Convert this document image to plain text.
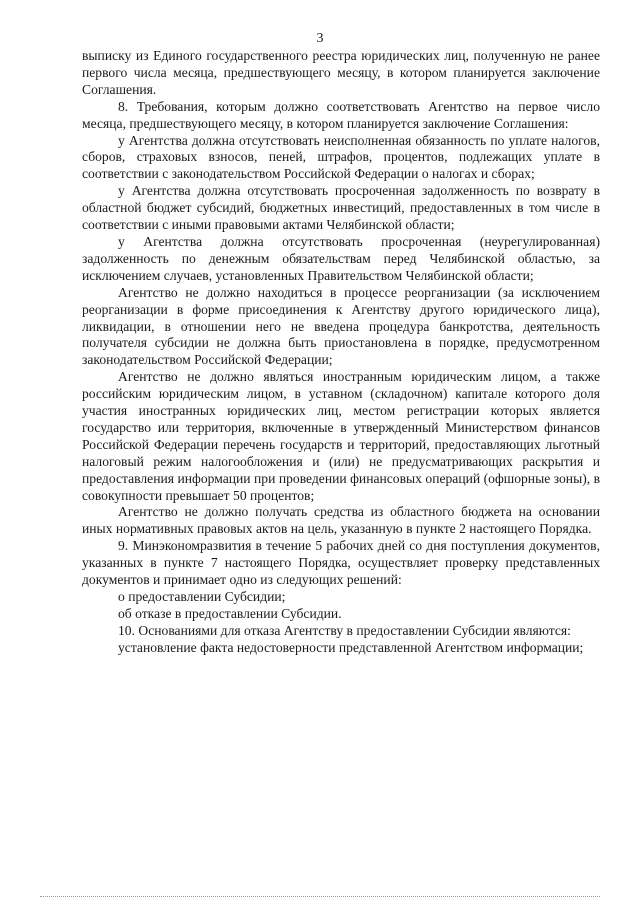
3

выписку из Единого государственного реестра юридических лиц, полученную не ранее первого числа месяца, предшествующего месяцу, в котором планируется заключение Соглашения.

8. Требования, которым должно соответствовать Агентство на первое число месяца, предшествующего месяцу, в котором планируется заключение Соглашения:

у Агентства должна отсутствовать неисполненная обязанность по уплате налогов, сборов, страховых взносов, пеней, штрафов, процентов, подлежащих уплате в соответствии с законодательством Российской Федерации о налогах и сборах;

у Агентства должна отсутствовать просроченная задолженность по возврату в областной бюджет субсидий, бюджетных инвестиций, предоставленных в том числе в соответствии с иными правовыми актами Челябинской области;

у Агентства должна отсутствовать просроченная (неурегулированная) задолженность по денежным обязательствам перед Челябинской областью, за исключением случаев, установленных Правительством Челябинской области;

Агентство не должно находиться в процессе реорганизации (за исключением реорганизации в форме присоединения к Агентству другого юридического лица), ликвидации, в отношении него не введена процедура банкротства, деятельность получателя субсидии не должна быть приостановлена в порядке, предусмотренном законодательством Российской Федерации;

Агентство не должно являться иностранным юридическим лицом, а также российским юридическим лицом, в уставном (складочном) капитале которого доля участия иностранных юридических лиц, местом регистрации которых является государство или территория, включенные в утвержденный Министерством финансов Российской Федерации перечень государств и территорий, предоставляющих льготный налоговый режим налогообложения и (или) не предусматривающих раскрытия и предоставления информации при проведении финансовых операций (офшорные зоны), в совокупности превышает 50 процентов;

Агентство не должно получать средства из областного бюджета на основании иных нормативных правовых актов на цель, указанную в пункте 2 настоящего Порядка.

9. Минэкономразвития в течение 5 рабочих дней со дня поступления документов, указанных в пункте 7 настоящего Порядка, осуществляет проверку представленных документов и принимает одно из следующих решений:

о предоставлении Субсидии;

об отказе в предоставлении Субсидии.

10. Основаниями для отказа Агентству в предоставлении Субсидии являются:

установление факта недостоверности представленной Агентством информации;
